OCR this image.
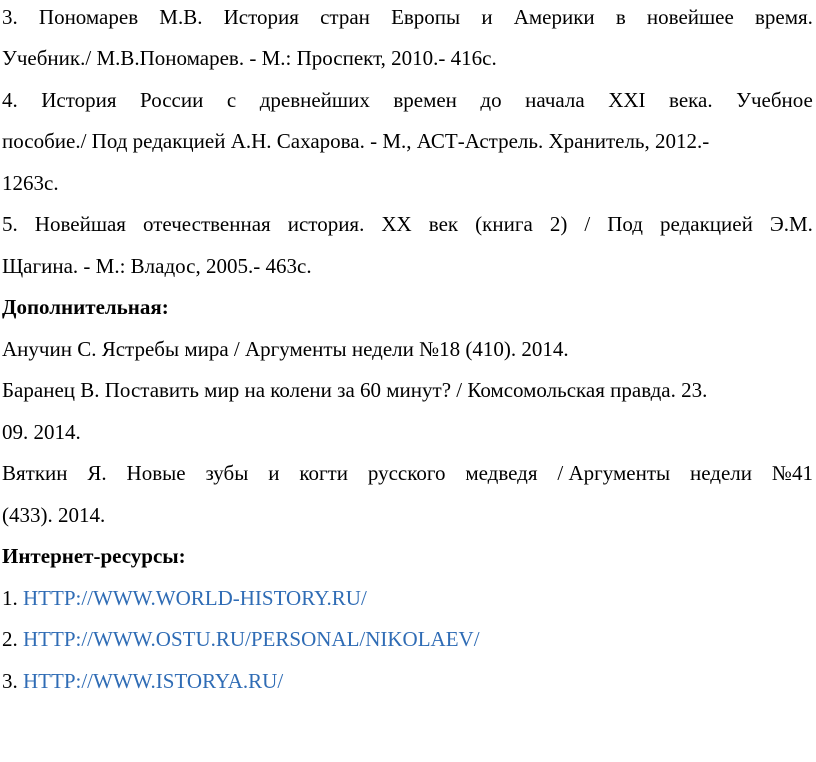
3. Пономарев М.В. История стран Европы и Америки в новейшее время.
Учебник./ М.В.Пономарев. - М.: Проспект, 2010.- 416с.
4. История России с древнейших времен до начала XXI века. Учебное
пособие./ Под редакцией А.Н. Сахарова. - М., АСТ-Астрель. Хранитель, 2012.-
1263с.
5. Новейшая отечественная история. XX век (книга 2) / Под редакцией Э.М.
Щагина. - М.: Владос, 2005.- 463с.
Дополнительная:
Анучин С. Ястребы мира / Аргументы недели №18 (410). 2014.
Баранец В. Поставить мир на колени за 60 минут? / Комсомольская правда. 23.
09. 2014.
Вяткин Я. Новые зубы и когти русского медведя / Аргументы недели №41
(433). 2014.
Интернет-ресурсы:
1. HTTP://WWW.WORLD-HISTORY.RU/
2. HTTP://WWW.OSTU.RU/PERSONAL/NIKOLAEV/
3. HTTP://WWW.ISTORYA.RU/
